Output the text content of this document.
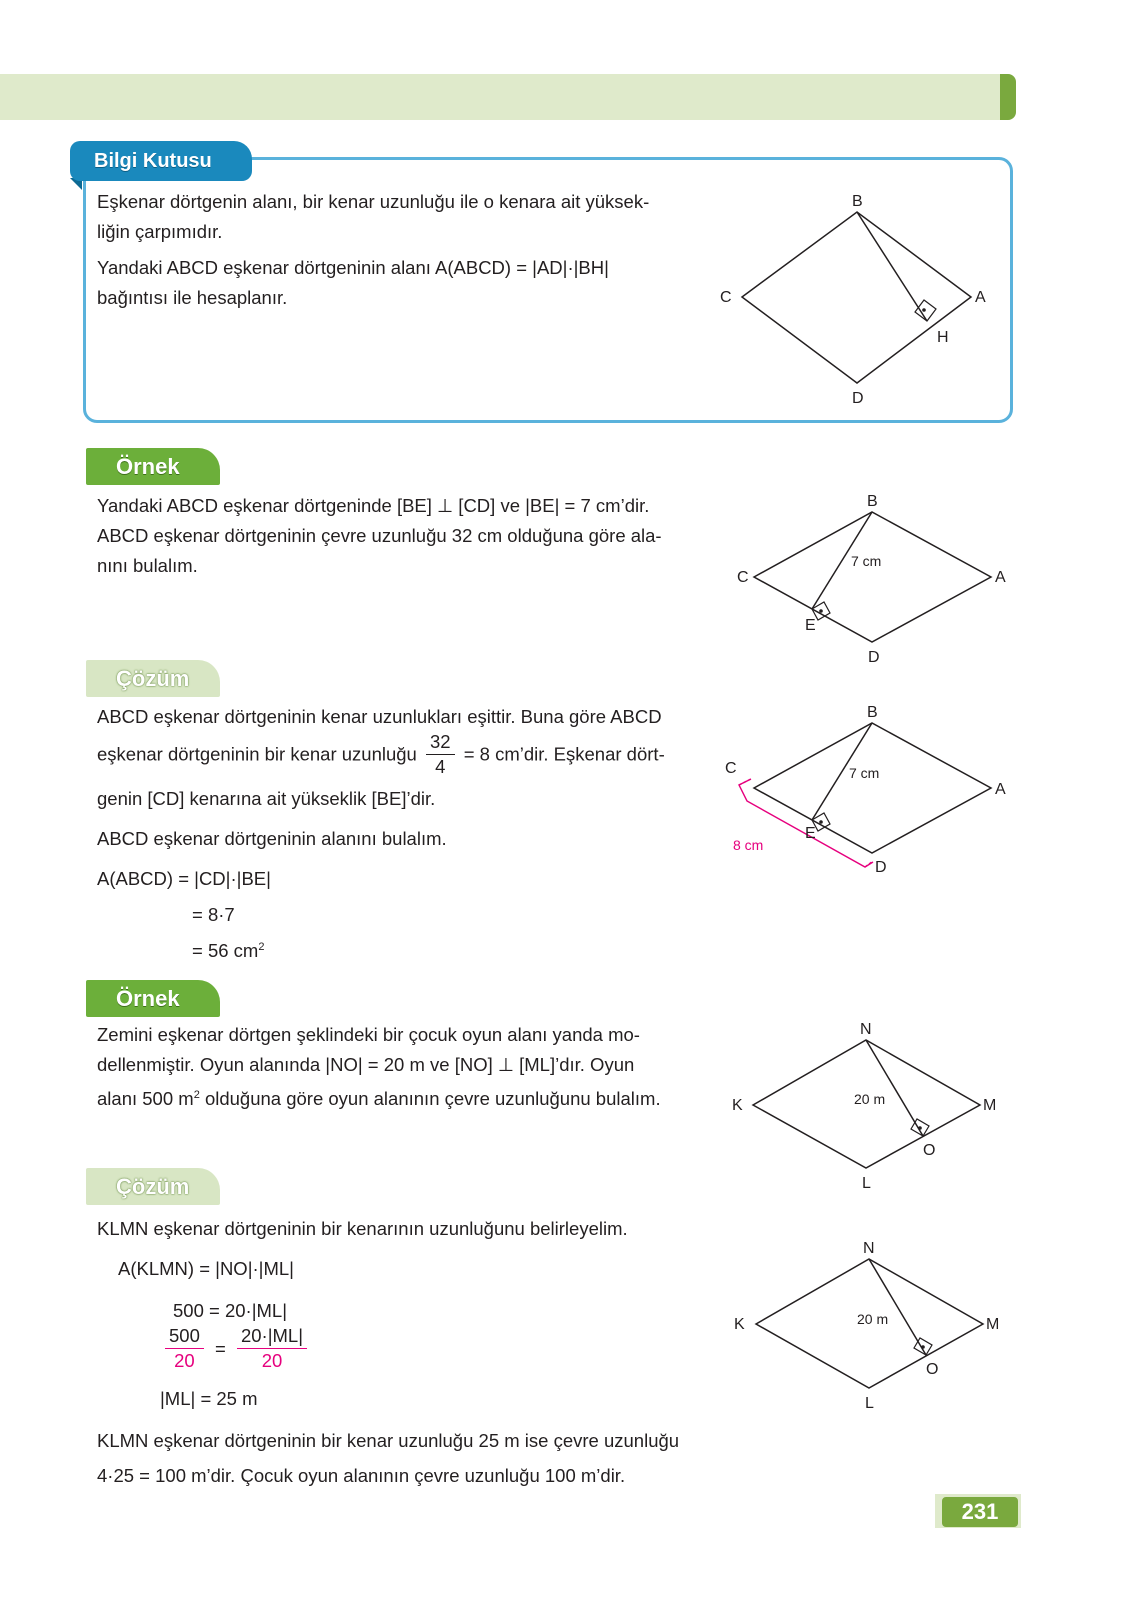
Bilgi Kutusu
Eşkenar dörtgenin alanı, bir kenar uzunluğu ile o kenara ait yüksek-
liğin çarpımıdır.
Yandaki ABCD eşkenar dörtgeninin alanı A(ABCD) = |AD|·|BH|
bağıntısı ile hesaplanır.
B
C	A
D
H
Örnek
Yandaki ABCD eşkenar dörtgeninde [BE] ⊥ [CD] ve |BE| = 7 cm’dir.
ABCD eşkenar dörtgeninin çevre uzunluğu 32 cm olduğuna göre ala-
nını bulalım.
B
C	A
D
E
7 cm
Çözüm
ABCD eşkenar dörtgeninin kenar uzunlukları eşittir. Buna göre ABCD
eşkenar dörtgeninin bir kenar uzunluğu $\frac{32}{4} = 8$ cm’dir. Eşkenar dört-
genin [CD] kenarına ait yükseklik [BE]’dir.
ABCD eşkenar dörtgeninin alanını bulalım.
A(ABCD) = |CD|·|BE|
= 8·7
= 56 $cm^2$
B
C
A
D
E
7 cm
8 cm
Örnek
Zemini eşkenar dörtgen şeklindeki bir çocuk oyun alanı yanda mo-
dellenmiştir. Oyun alanında |NO| = 20 m ve [NO] ⊥ [ML]’dır. Oyun
alanı 500 $m^2$ olduğuna göre oyun alanının çevre uzunluğunu bulalım.
N
K	M
L
O
20 m
Çözüm
KLMN eşkenar dörtgeninin bir kenarının uzunluğunu belirleyelim.
A(KLMN) = |NO|·|ML|
500 = 20·|ML|
$\frac{500}{20} = \frac{20\cdot|ML|}{20}$
|ML| = 25 m
KLMN eşkenar dörtgeninin bir kenar uzunluğu 25 m ise çevre uzunluğu
4·25 = 100 m’dir. Çocuk oyun alanının çevre uzunluğu 100 m’dir.
N
K	M
L
O
20 m
231
